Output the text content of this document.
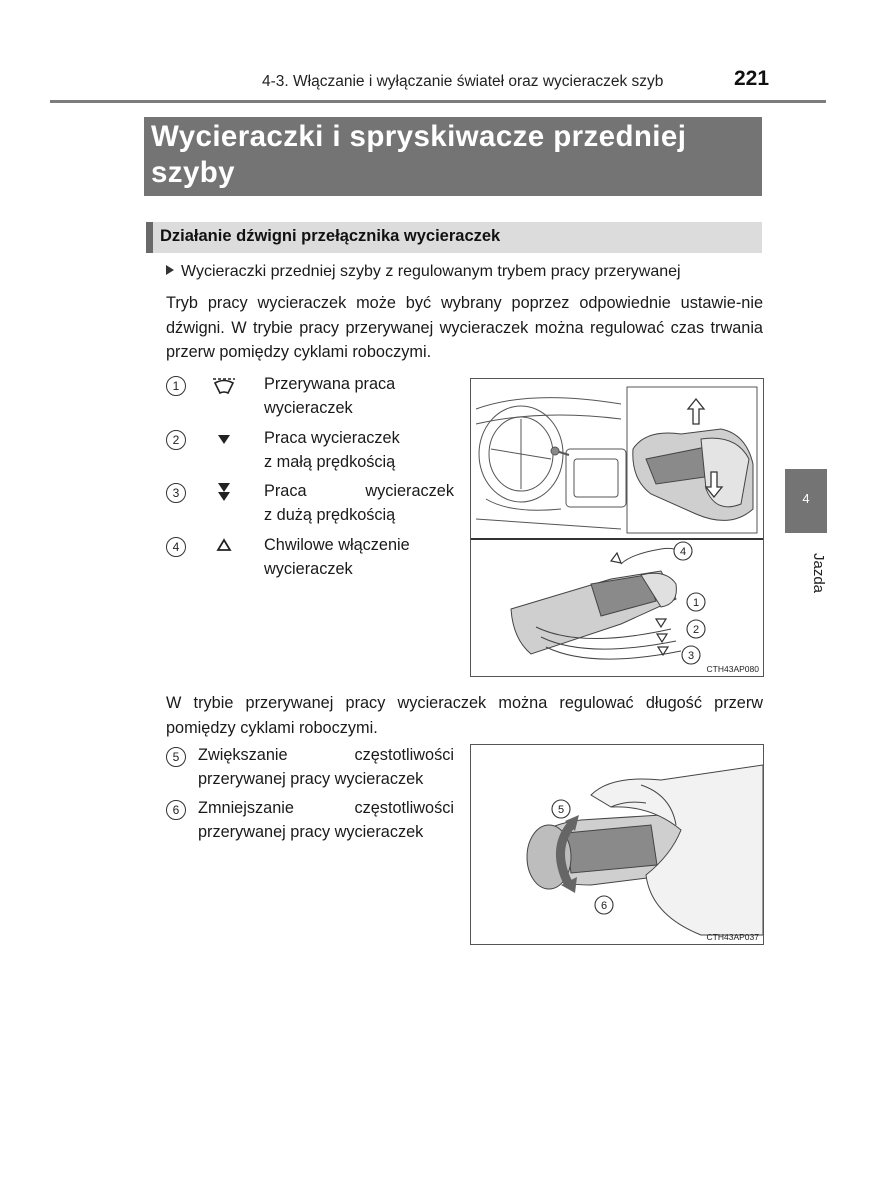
4-3. Włączanie i wyłączanie świateł oraz wycieraczek szyb	221
Wycieraczki i spryskiwacze przedniej
szyby
Działanie dźwigni przełącznika wycieraczek
Wycieraczki przedniej szyby z regulowanym trybem pracy przerywanej
Tryb pracy wycieraczek może być wybrany poprzez odpowiednie ustawie-nie dźwigni. W trybie pracy przerywanej wycieraczek można regulować czas trwania przerw pomiędzy cyklami roboczymi.
1	Przerywana praca
wycieraczek
2	Praca wycieraczek
z małą prędkością
3	Praca wycieraczek
z dużą prędkością
4	Chwilowe włączenie
wycieraczek
4
1
2
3
CTH43AP080
W trybie przerywanej pracy wycieraczek można regulować długość przerw pomiędzy cyklami roboczymi.
5	Zwiększanie częstotliwości
przerywanej pracy wycieraczek
6	Zmniejszanie częstotliwości
przerywanej pracy wycieraczek
5
6
CTH43AP037
4
Jazda
